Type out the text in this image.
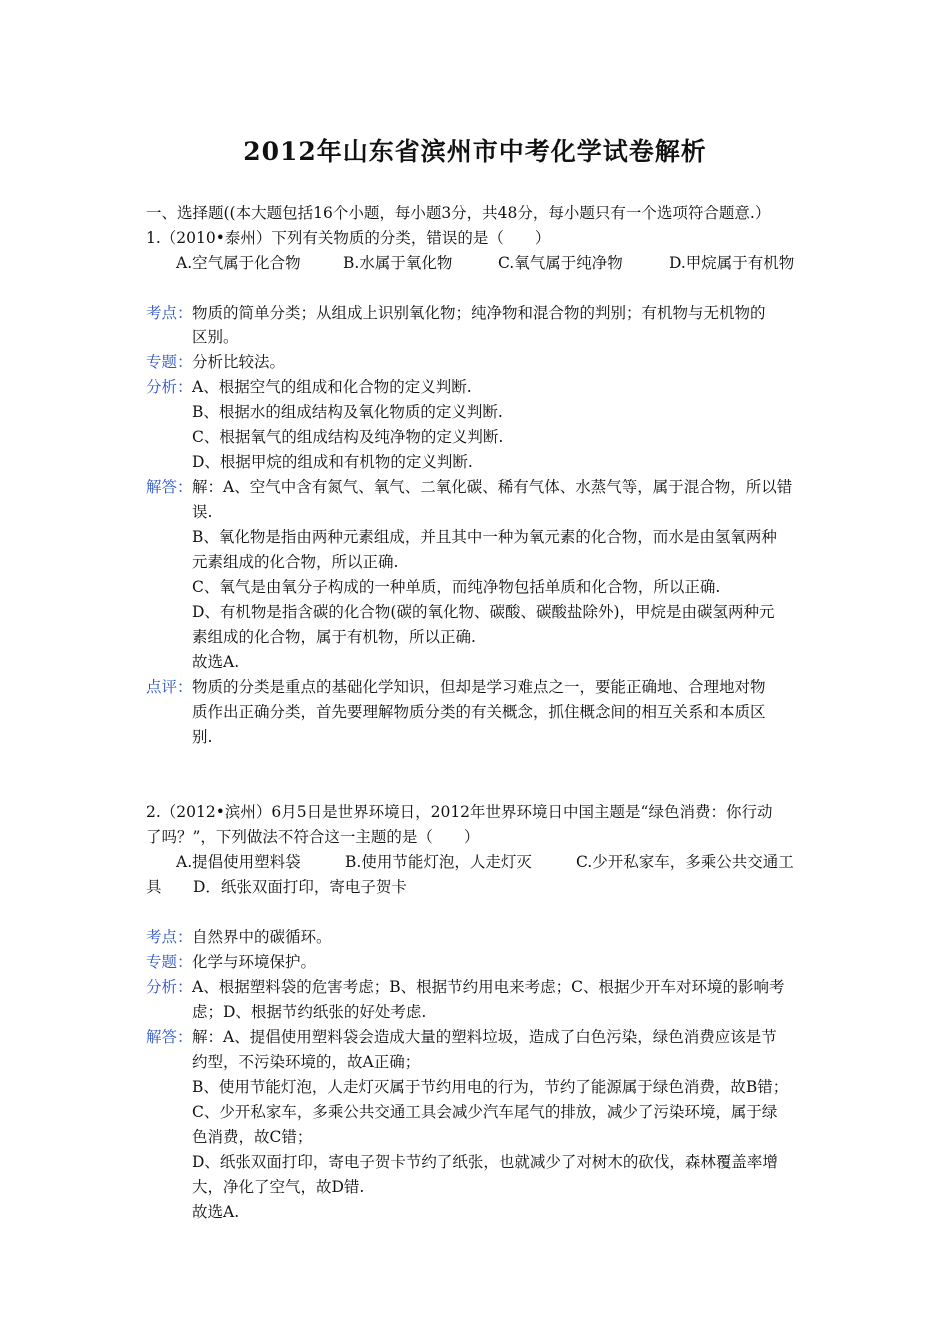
2012年山东省滨州市中考化学试卷解析
一、选择题((本大题包括16个小题，每小题3分，共48分，每小题只有一个选项符合题意.）
1.（2010•泰州）下列有关物质的分类，错误的是（　　）
A.空气属于化合物	B.水属于氧化物	C.氧气属于纯净物	D.甲烷属于有机物
考点： 物质的简单分类；从组成上识别氧化物；纯净物和混合物的判别；有机物与无机物的
区别。
专题： 分析比较法。
分析： A、根据空气的组成和化合物的定义判断.
B、根据水的组成结构及氧化物质的定义判断.
C、根据氧气的组成结构及纯净物的定义判断.
D、根据甲烷的组成和有机物的定义判断.
解答： 解：A、空气中含有氮气、氧气、二氧化碳、稀有气体、水蒸气等，属于混合物，所以错
误.
B、氧化物是指由两种元素组成，并且其中一种为氧元素的化合物，而水是由氢氧两种
元素组成的化合物，所以正确.
C、氧气是由氧分子构成的一种单质，而纯净物包括单质和化合物，所以正确.
D、有机物是指含碳的化合物(碳的氧化物、碳酸、碳酸盐除外)，甲烷是由碳氢两种元
素组成的化合物，属于有机物，所以正确.
故选A.
点评： 物质的分类是重点的基础化学知识，但却是学习难点之一，要能正确地、合理地对物
质作出正确分类，首先要理解物质分类的有关概念，抓住概念间的相互关系和本质区
别.
2.（2012•滨州）6月5日是世界环境日，2012年世界环境日中国主题是“绿色消费：你行动
了吗？”，下列做法不符合这一主题的是（　　）
A.提倡使用塑料袋	B.使用节能灯泡，人走灯灭	C.少开私家车，多乘公共交通工
具 D．纸张双面打印，寄电子贺卡
考点： 自然界中的碳循环。
专题： 化学与环境保护。
分析： A、根据塑料袋的危害考虑；B、根据节约用电来考虑；C、根据少开车对环境的影响考
虑；D、根据节约纸张的好处考虑.
解答： 解：A、提倡使用塑料袋会造成大量的塑料垃圾，造成了白色污染，绿色消费应该是节
约型，不污染环境的，故A正确；
B、使用节能灯泡，人走灯灭属于节约用电的行为，节约了能源属于绿色消费，故B错；
C、少开私家车，多乘公共交通工具会减少汽车尾气的排放，减少了污染环境，属于绿
色消费，故C错；
D、纸张双面打印，寄电子贺卡节约了纸张，也就减少了对树木的砍伐，森林覆盖率增
大，净化了空气，故D错.
故选A.
